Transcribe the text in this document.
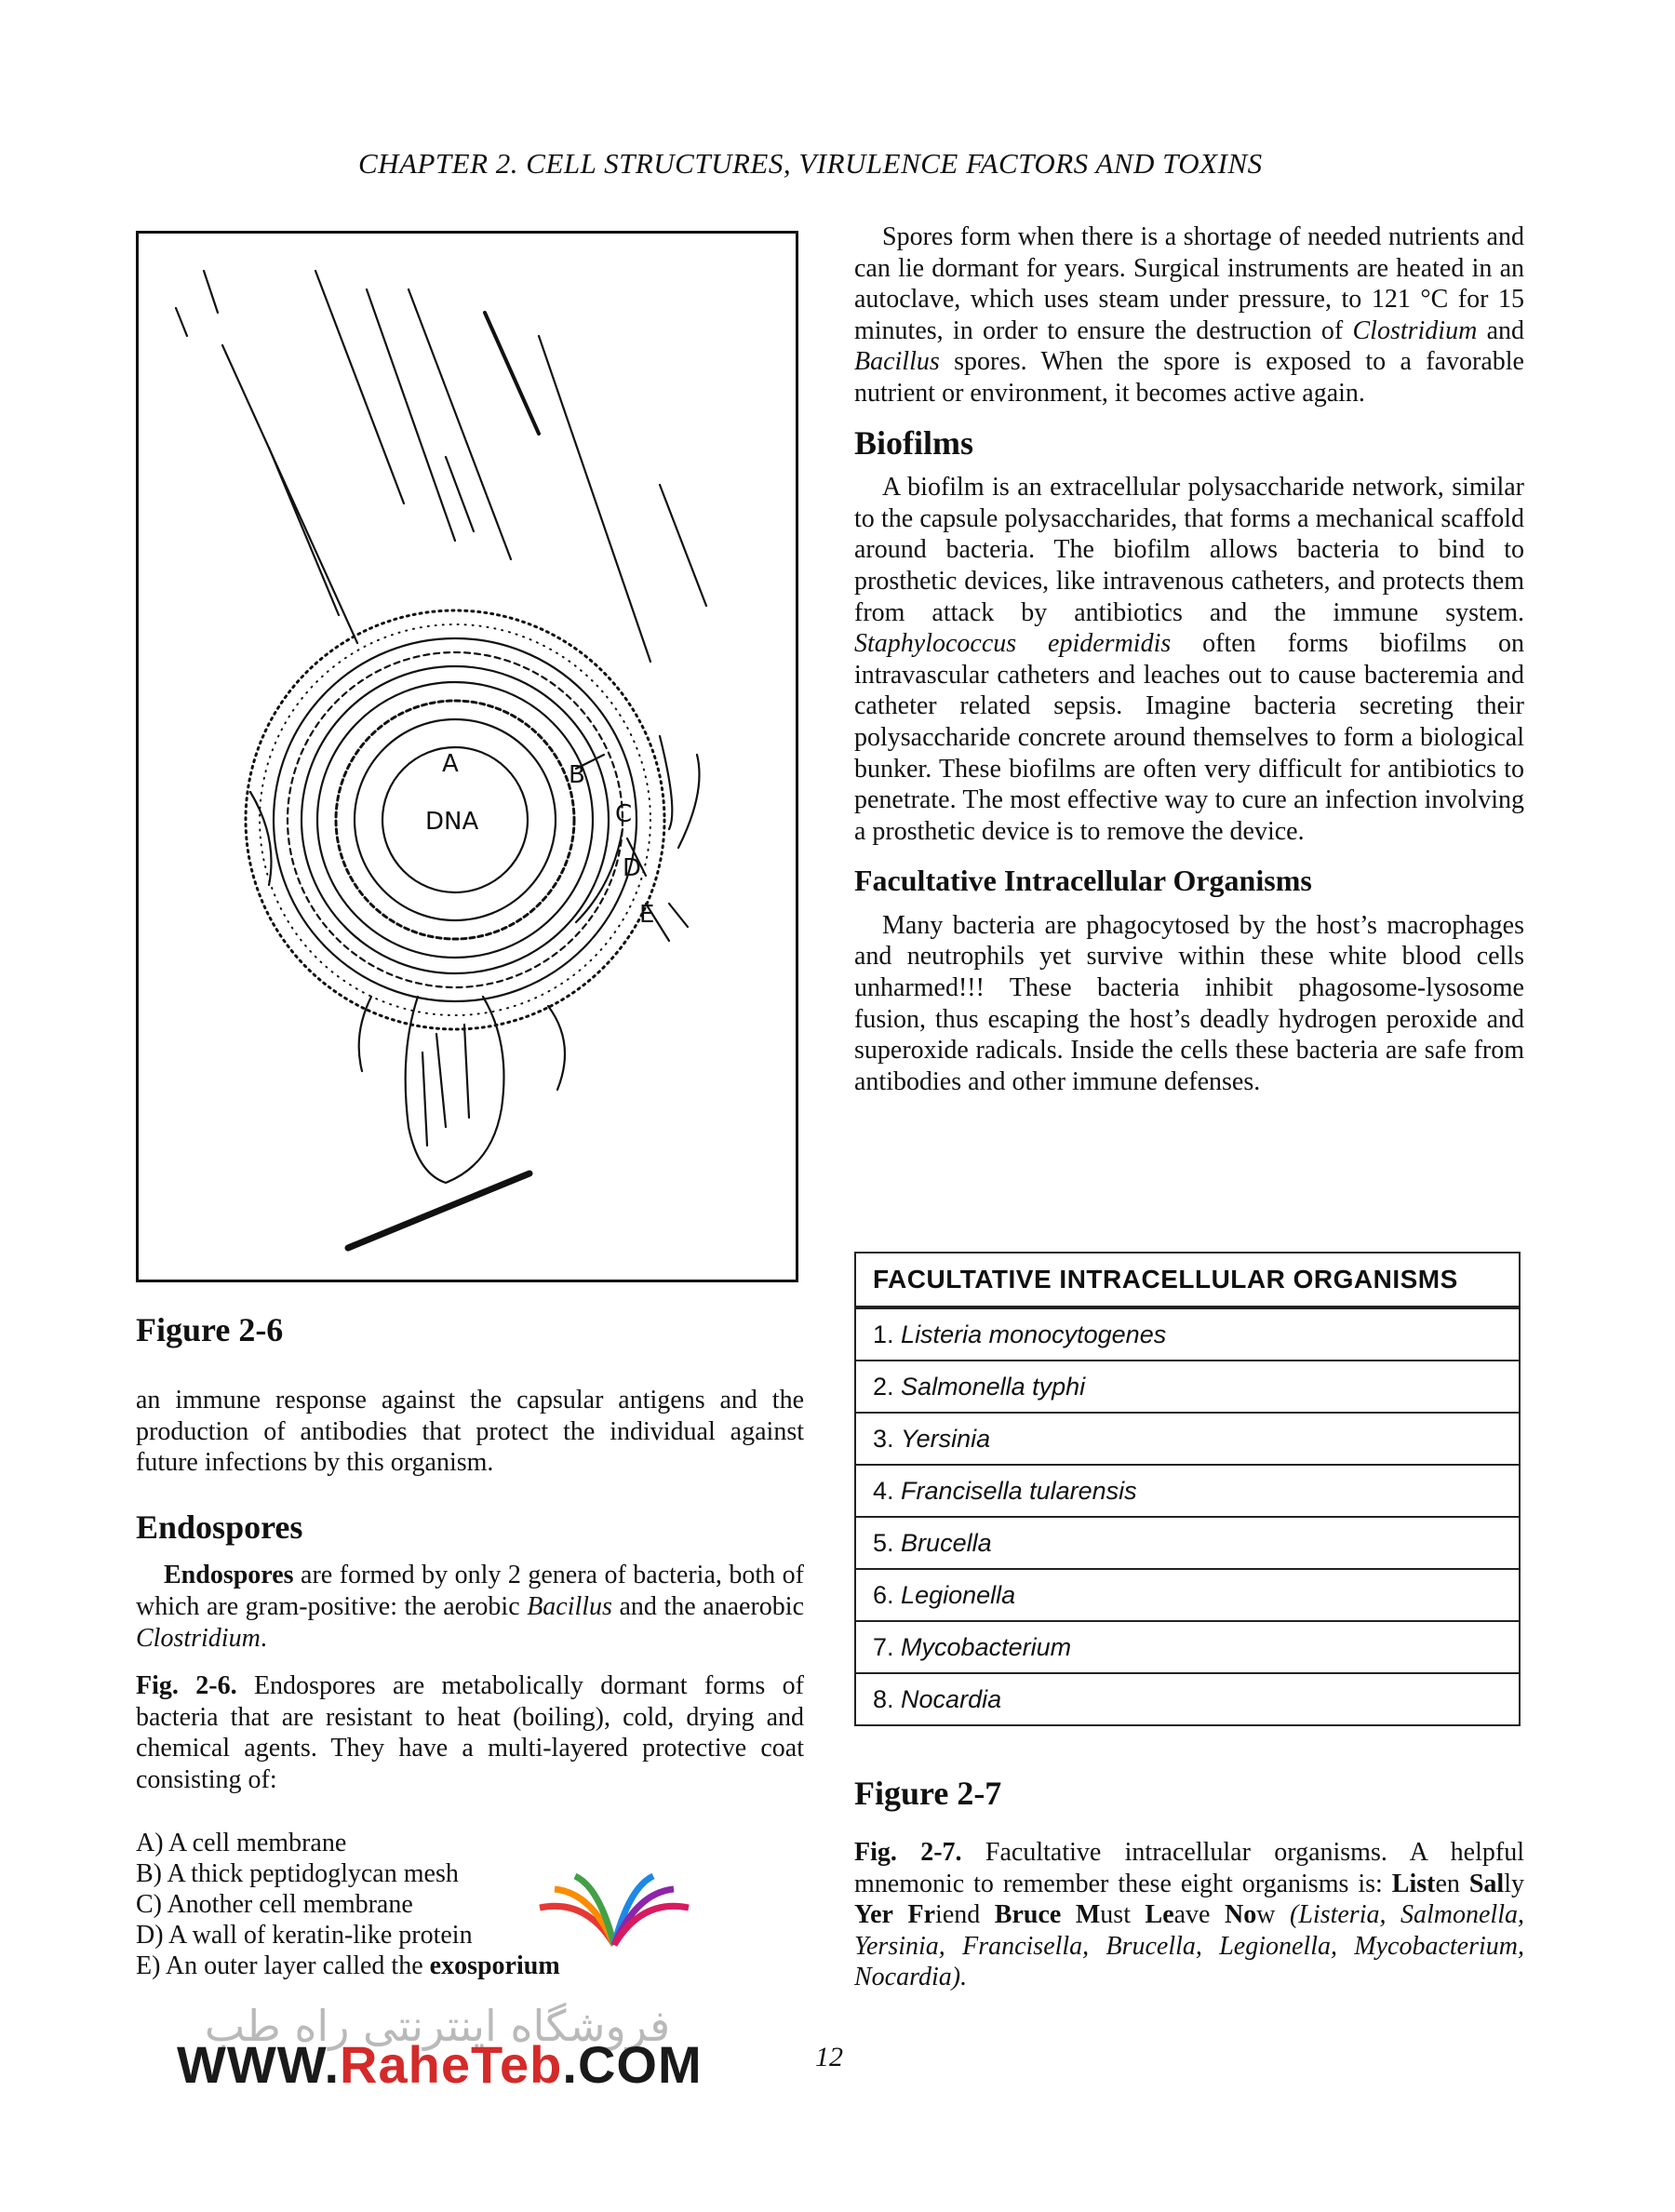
CHAPTER 2. CELL STRUCTURES, VIRULENCE FACTORS AND TOXINS
DNA
A	B
C
D
E
Figure 2-6

an immune response against the capsular antigens and the production of antibodies that protect the individual against future infections by this organism.

Endospores

Endospores are formed by only 2 genera of bacteria, both of which are gram-positive: the aerobic Bacillus and the anaerobic Clostridium.

Fig. 2-6. Endospores are metabolically dormant forms of bacteria that are resistant to heat (boiling), cold, drying and chemical agents. They have a multi-layered protective coat consisting of:

A) A cell membrane
B) A thick peptidoglycan mesh
C) Another cell membrane
D) A wall of keratin-like protein
E) An outer layer called the exosporium

Spores form when there is a shortage of needed nutrients and can lie dormant for years. Surgical instruments are heated in an autoclave, which uses steam under pressure, to 121 °C for 15 minutes, in order to ensure the destruction of Clostridium and Bacillus spores. When the spore is exposed to a favorable nutrient or environment, it becomes active again.

Biofilms

A biofilm is an extracellular polysaccharide network, similar to the capsule polysaccharides, that forms a mechanical scaffold around bacteria. The biofilm allows bacteria to bind to prosthetic devices, like intravenous catheters, and protects them from attack by antibiotics and the immune system. Staphylococcus epidermidis often forms biofilms on intravascular catheters and leaches out to cause bacteremia and catheter related sepsis. Imagine bacteria secreting their polysaccharide concrete around themselves to form a biological bunker. These biofilms are often very difficult for antibiotics to penetrate. The most effective way to cure an infection involving a prosthetic device is to remove the device.

Facultative Intracellular Organisms

Many bacteria are phagocytosed by the host’s macrophages and neutrophils yet survive within these white blood cells unharmed!!! These bacteria inhibit phagosome-lysosome fusion, thus escaping the host’s deadly hydrogen peroxide and superoxide radicals. Inside the cells these bacteria are safe from antibodies and other immune defenses.

FACULTATIVE INTRACELLULAR ORGANISMS
1. Listeria monocytogenes
2. Salmonella typhi
3. Yersinia
4. Francisella tularensis
5. Brucella
6. Legionella
7. Mycobacterium
8. Nocardia
Figure 2-7

Fig. 2-7. Facultative intracellular organisms. A helpful mnemonic to remember these eight organisms is: Listen Sally Yer Friend Bruce Must Leave Now (Listeria, Salmonella, Yersinia, Francisella, Brucella, Legionella, Mycobacterium, Nocardia).

فروشگاه اینترنتی راه طب
WWW.RaheTeb.COM	12
